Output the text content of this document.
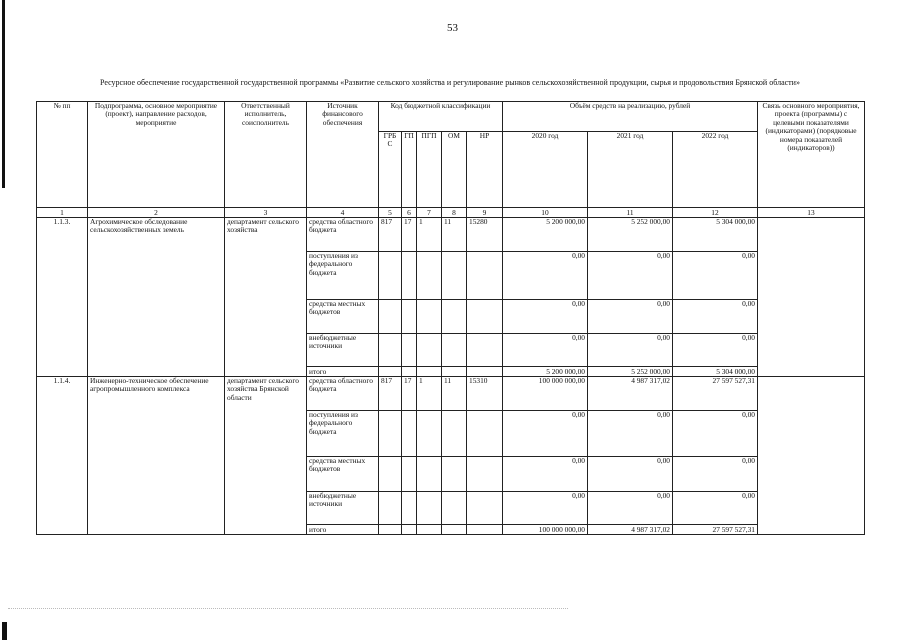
53
Ресурсное обеспечение государственной государственной программы «Развитие сельского хозяйства и регулирование рынков сельскохозяйственной продукции, сырья и продовольствия Брянской области»
№ пп	Подпрограмма, основное мероприятие (проект), направление расходов, мероприятие	Ответственный исполнитель, соисполнитель	Источник финансового обеспечения	Код бюджетной классификации					Объём средств на реализацию, рублей			Связь основного мероприятия, проекта (программы) с целевыми показателями (индикаторами) (порядковые номера показателей (индикаторов))
				ГРБ С	ГП	ПГП	ОМ	НР	2020 год	2021 год	2022 год	
1	2	3	4	5	6	7	8	9	10	11	12	13
1.1.3.	Агрохимическое обследование сельскохозяйственных земель	департамент сельского хозяйства	средства областного бюджета	817	17	1	11	15280	5 200 000,00	5 252 000,00	5 304 000,00	
			поступления из федерального бюджета						0,00	0,00	0,00	
			средства местных бюджетов						0,00	0,00	0,00	
			внебюджетные источники						0,00	0,00	0,00	
			итого						5 200 000,00	5 252 000,00	5 304 000,00	
1.1.4.	Инженерно-техническое обеспечение агропромышленного комплекса	департамент сельского хозяйства Брянской области	средства областного бюджета	817	17	1	11	15310	100 000 000,00	4 987 317,02	27 597 527,31	
			поступления из федерального бюджета						0,00	0,00	0,00	
			средства местных бюджетов						0,00	0,00	0,00	
			внебюджетные источники						0,00	0,00	0,00	
			итого						100 000 000,00	4 987 317,02	27 597 527,31	
